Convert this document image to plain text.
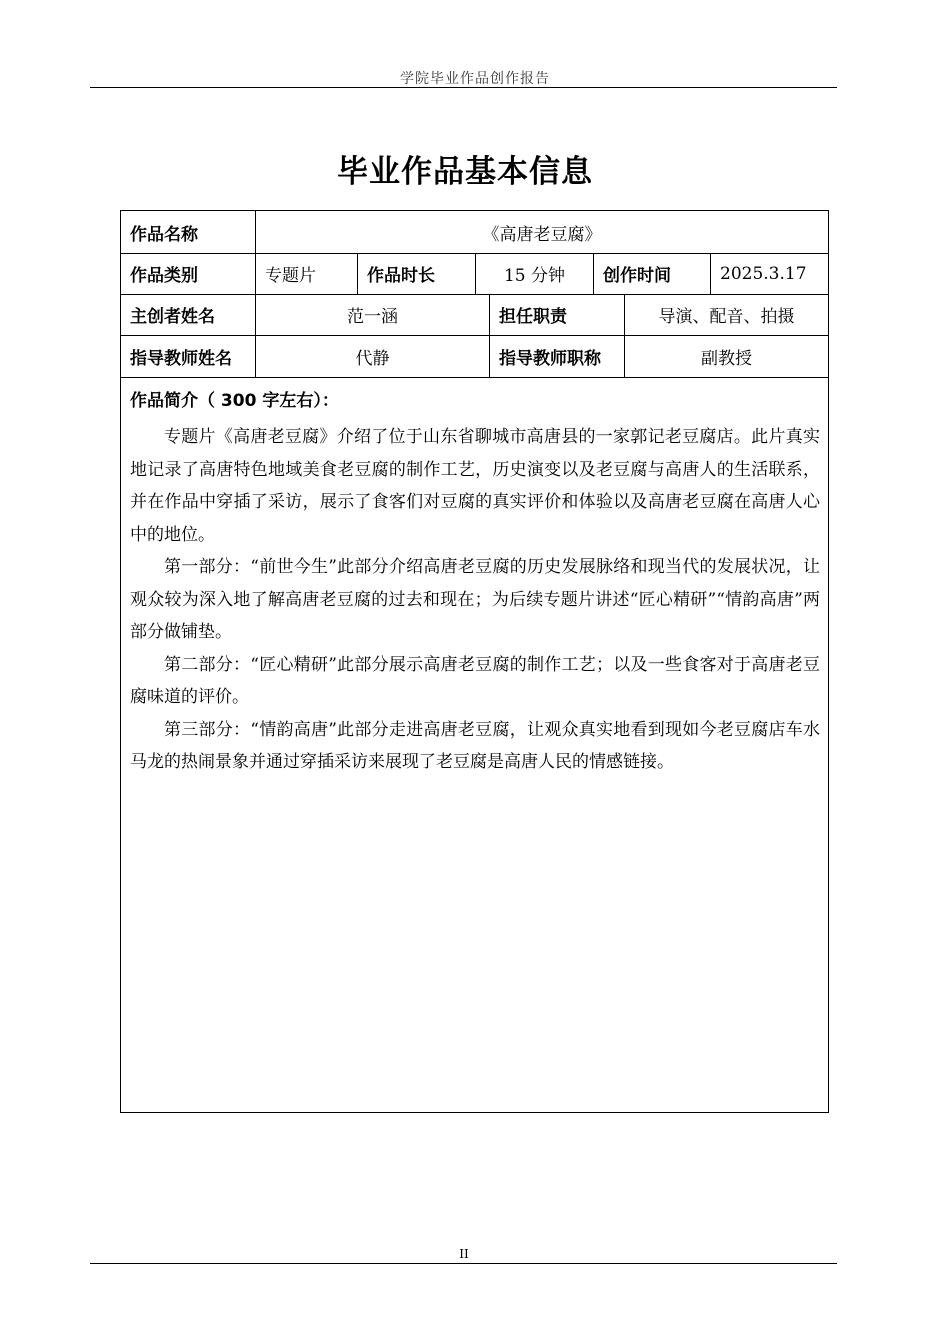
学院毕业作品创作报告
毕业作品基本信息
作品名称	《高唐老豆腐》
作品类别	专题片	作品时长	15 分钟	创作时间	2025.3.17
主创者姓名	范一涵	担任职责	导演、配音、拍摄
指导教师姓名	代静	指导教师职称	副教授
作品简介（ 300 字左右）：

专题片《高唐老豆腐》介绍了位于山东省聊城市高唐县的一家郭记老豆腐店。此片真实地记录了高唐特色地域美食老豆腐的制作工艺，历史演变以及老豆腐与高唐人的生活联系，并在作品中穿插了采访，展示了食客们对豆腐的真实评价和体验以及高唐老豆腐在高唐人心中的地位。

第一部分：“前世今生”此部分介绍高唐老豆腐的历史发展脉络和现当代的发展状况，让观众较为深入地了解高唐老豆腐的过去和现在；为后续专题片讲述“匠心精研”“情韵高唐”两部分做铺垫。

第二部分：“匠心精研”此部分展示高唐老豆腐的制作工艺；以及一些食客对于高唐老豆腐味道的评价。

第三部分：“情韵高唐”此部分走进高唐老豆腐，让观众真实地看到现如今老豆腐店车水马龙的热闹景象并通过穿插采访来展现了老豆腐是高唐人民的情感链接。

II
